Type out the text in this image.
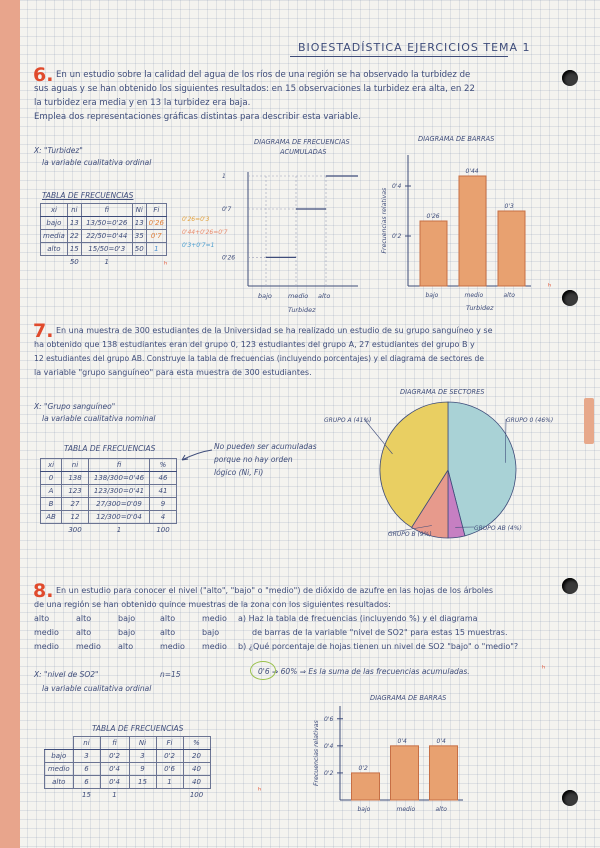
BIOESTADÍSTICA EJERCICIOS TEMA 1
6. En un estudio sobre la calidad del agua de los ríos de una región se ha observado la turbidez de
sus aguas y se han obtenido los siguientes resultados: en 15 observaciones la turbidez era alta, en 22
la turbidez era media y en 13 la turbidez era baja.
Emplea dos representaciones gráficas distintas para describir esta variable.
X: "Turbidez"
la variable cualitativa ordinal
TABLA DE FRECUENCIAS
xi	ni	fi	Ni	Fi
bajo	13	13/50=0'26	13	0'26
media	22	22/50=0'44	35	0'7
alto	15	15/50=0'3	50	1
	50	1		
0'26=0'3
0'44+0'26=0'7
0'3+0'7=1
DIAGRAMA DE FRECUENCIAS
ACUMULADAS
bajo medio alto
0'26
0'7
1
Turbidez
DIAGRAMA DE BARRAS
0'2
0'4
0'26
bajo
0'44
medio
0'3
alto
Frecuencias relativas
Turbidez
7. En una muestra de 300 estudiantes de la Universidad se ha realizado un estudio de su grupo sanguíneo y se
ha obtenido que 138 estudiantes eran del grupo 0, 123 estudiantes del grupo A, 27 estudiantes del grupo B y
12 estudiantes del grupo AB. Construye la tabla de frecuencias (incluyendo porcentajes) y el diagrama de sectores de
la variable "grupo sanguíneo" para esta muestra de 300 estudiantes.
X: "Grupo sanguíneo"
la variable cualitativa nominal
TABLA DE FRECUENCIAS
xi	ni	fi	%
0	138	138/300=0'46	46
A	123	123/300=0'41	41
B	27	27/300=0'09	9
AB	12	12/300=0'04	4
	300	1	100
No pueden ser acumuladas
porque no hay orden
lógico (Ni, Fi)
DIAGRAMA DE SECTORES
GRUPO 0 (46%)
GRUPO AB (4%)
GRUPO B (9%)
GRUPO A (41%)
8. En un estudio para conocer el nivel ("alto", "bajo" o "medio") de dióxido de azufre en las hojas de los árboles
de una región se han obtenido quince muestras de la zona con los siguientes resultados:
alto	alto	bajo	alto	medio
medio alto	bajo	alto	bajo
medio medio alto	medio medio
a) Haz la tabla de frecuencias (incluyendo %) y el diagrama
de barras de la variable "nivel de SO2" para estas 15 muestras.
b) ¿Qué porcentaje de hojas tienen un nivel de SO2 "bajo" o "medio"?
X: "nivel de SO2"	n=15
la variable cualitativa ordinal
0'6 ⇒ 60% ⇒ Es la suma de las frecuencias acumuladas.
TABLA DE FRECUENCIAS
	ni	fi	Ni	Fi	%
bajo	3	0'2	3	0'2	20
medio	6	0'4	9	0'6	40
alto	6	0'4	15	1	40
	15	1			100
DIAGRAMA DE BARRAS
0'2
0'4
0'6
0'2
bajo
0'4
medio
0'4
alto
Frecuencias relativas
ʰ
ʰ
ʰ
ʰ
